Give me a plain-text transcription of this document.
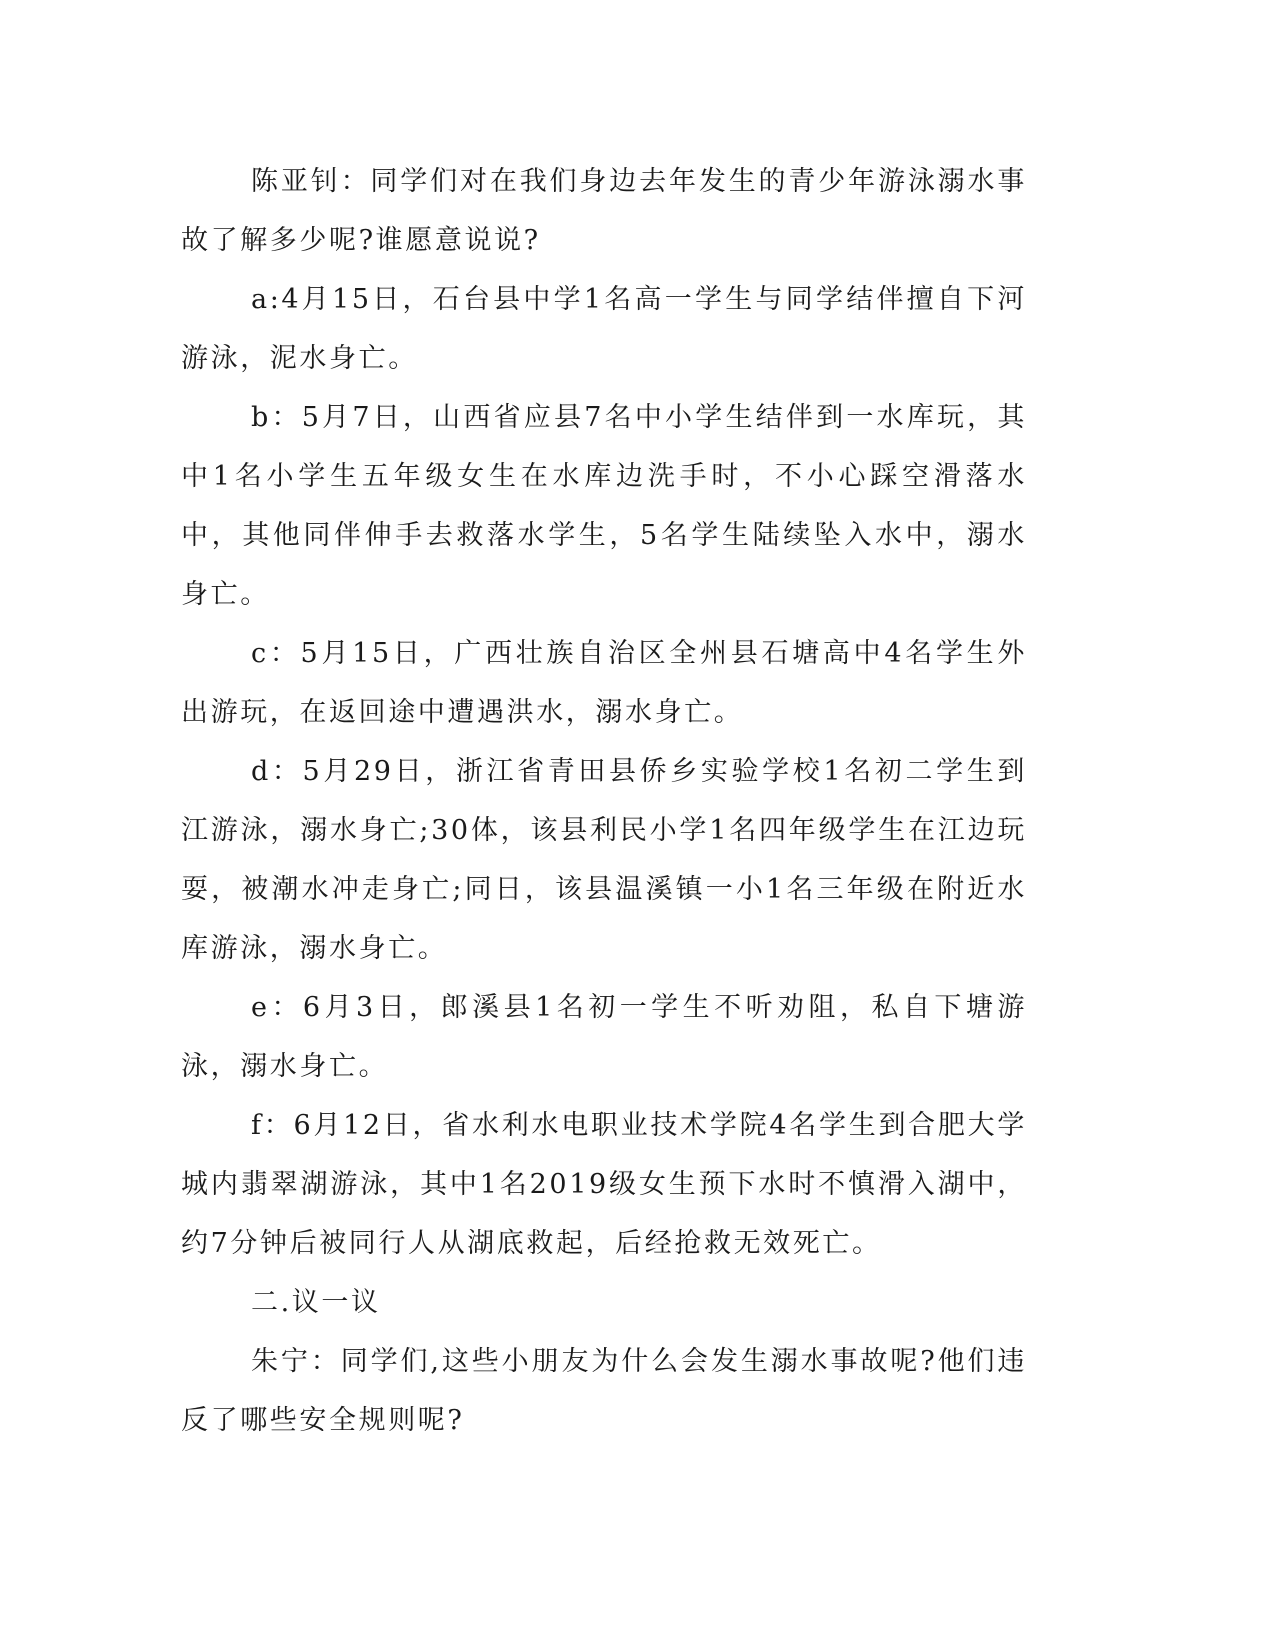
陈亚钊：同学们对在我们身边去年发生的青少年游泳溺水事故了解多少呢?谁愿意说说?

a:4月15日，石台县中学1名高一学生与同学结伴擅自下河游泳，泥水身亡。

b：5月7日，山西省应县7名中小学生结伴到一水库玩，其中1名小学生五年级女生在水库边洗手时，不小心踩空滑落水中，其他同伴伸手去救落水学生，5名学生陆续坠入水中，溺水身亡。

c：5月15日，广西壮族自治区全州县石塘高中4名学生外出游玩，在返回途中遭遇洪水，溺水身亡。

d：5月29日，浙江省青田县侨乡实验学校1名初二学生到江游泳，溺水身亡;30体，该县利民小学1名四年级学生在江边玩耍，被潮水冲走身亡;同日，该县温溪镇一小1名三年级在附近水库游泳，溺水身亡。

e：6月3日，郎溪县1名初一学生不听劝阻，私自下塘游泳，溺水身亡。

f：6月12日，省水利水电职业技术学院4名学生到合肥大学城内翡翠湖游泳，其中1名2019级女生预下水时不慎滑入湖中，约7分钟后被同行人从湖底救起，后经抢救无效死亡。

二.议一议

朱宁：同学们,这些小朋友为什么会发生溺水事故呢?他们违反了哪些安全规则呢?
